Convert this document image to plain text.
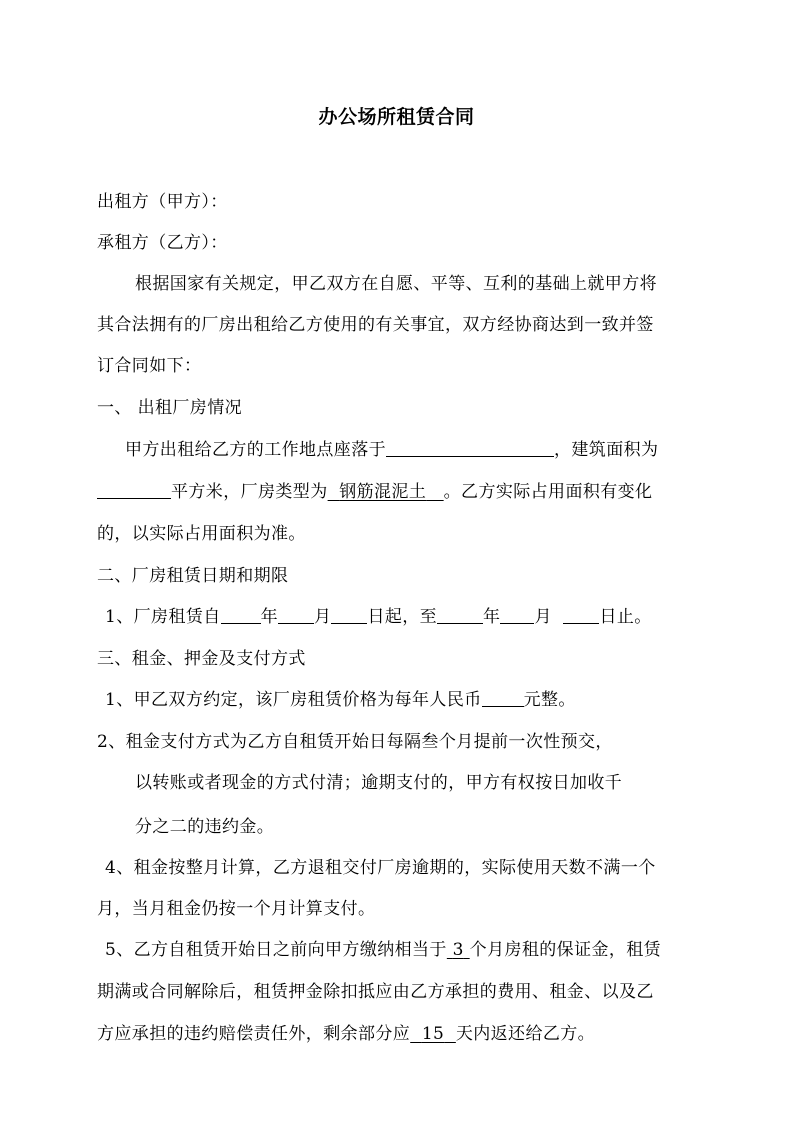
办公场所租赁合同
出租方（甲方）：
承租方（乙方）：
根据国家有关规定，甲乙双方在自愿、平等、互利的基础上就甲方将
其合法拥有的厂房出租给乙方使用的有关事宜，双方经协商达到一致并签
订合同如下：
一、 出租厂房情况
甲方出租给乙方的工作地点座落于	，建筑面积为
平方米，厂房类型为 钢筋混泥土 。乙方实际占用面积有变化
的，以实际占用面积为准。
二、厂房租赁日期和期限
1、厂房租赁自 年 月 日起，至	年 月	日止。
三、租金、押金及支付方式
1、甲乙双方约定，该厂房租赁价格为每年人民币 元整。
2、租金支付方式为乙方自租赁开始日每隔叁个月提前一次性预交，
以转账或者现金的方式付清；逾期支付的，甲方有权按日加收千
分之二的违约金。
4、租金按整月计算，乙方退租交付厂房逾期的，实际使用天数不满一个
月，当月租金仍按一个月计算支付。
5、乙方自租赁开始日之前向甲方缴纳相当于 3 个月房租的保证金，租赁
期满或合同解除后，租赁押金除扣抵应由乙方承担的费用、租金、以及乙
方应承担的违约赔偿责任外，剩余部分应 15 天内返还给乙方。
